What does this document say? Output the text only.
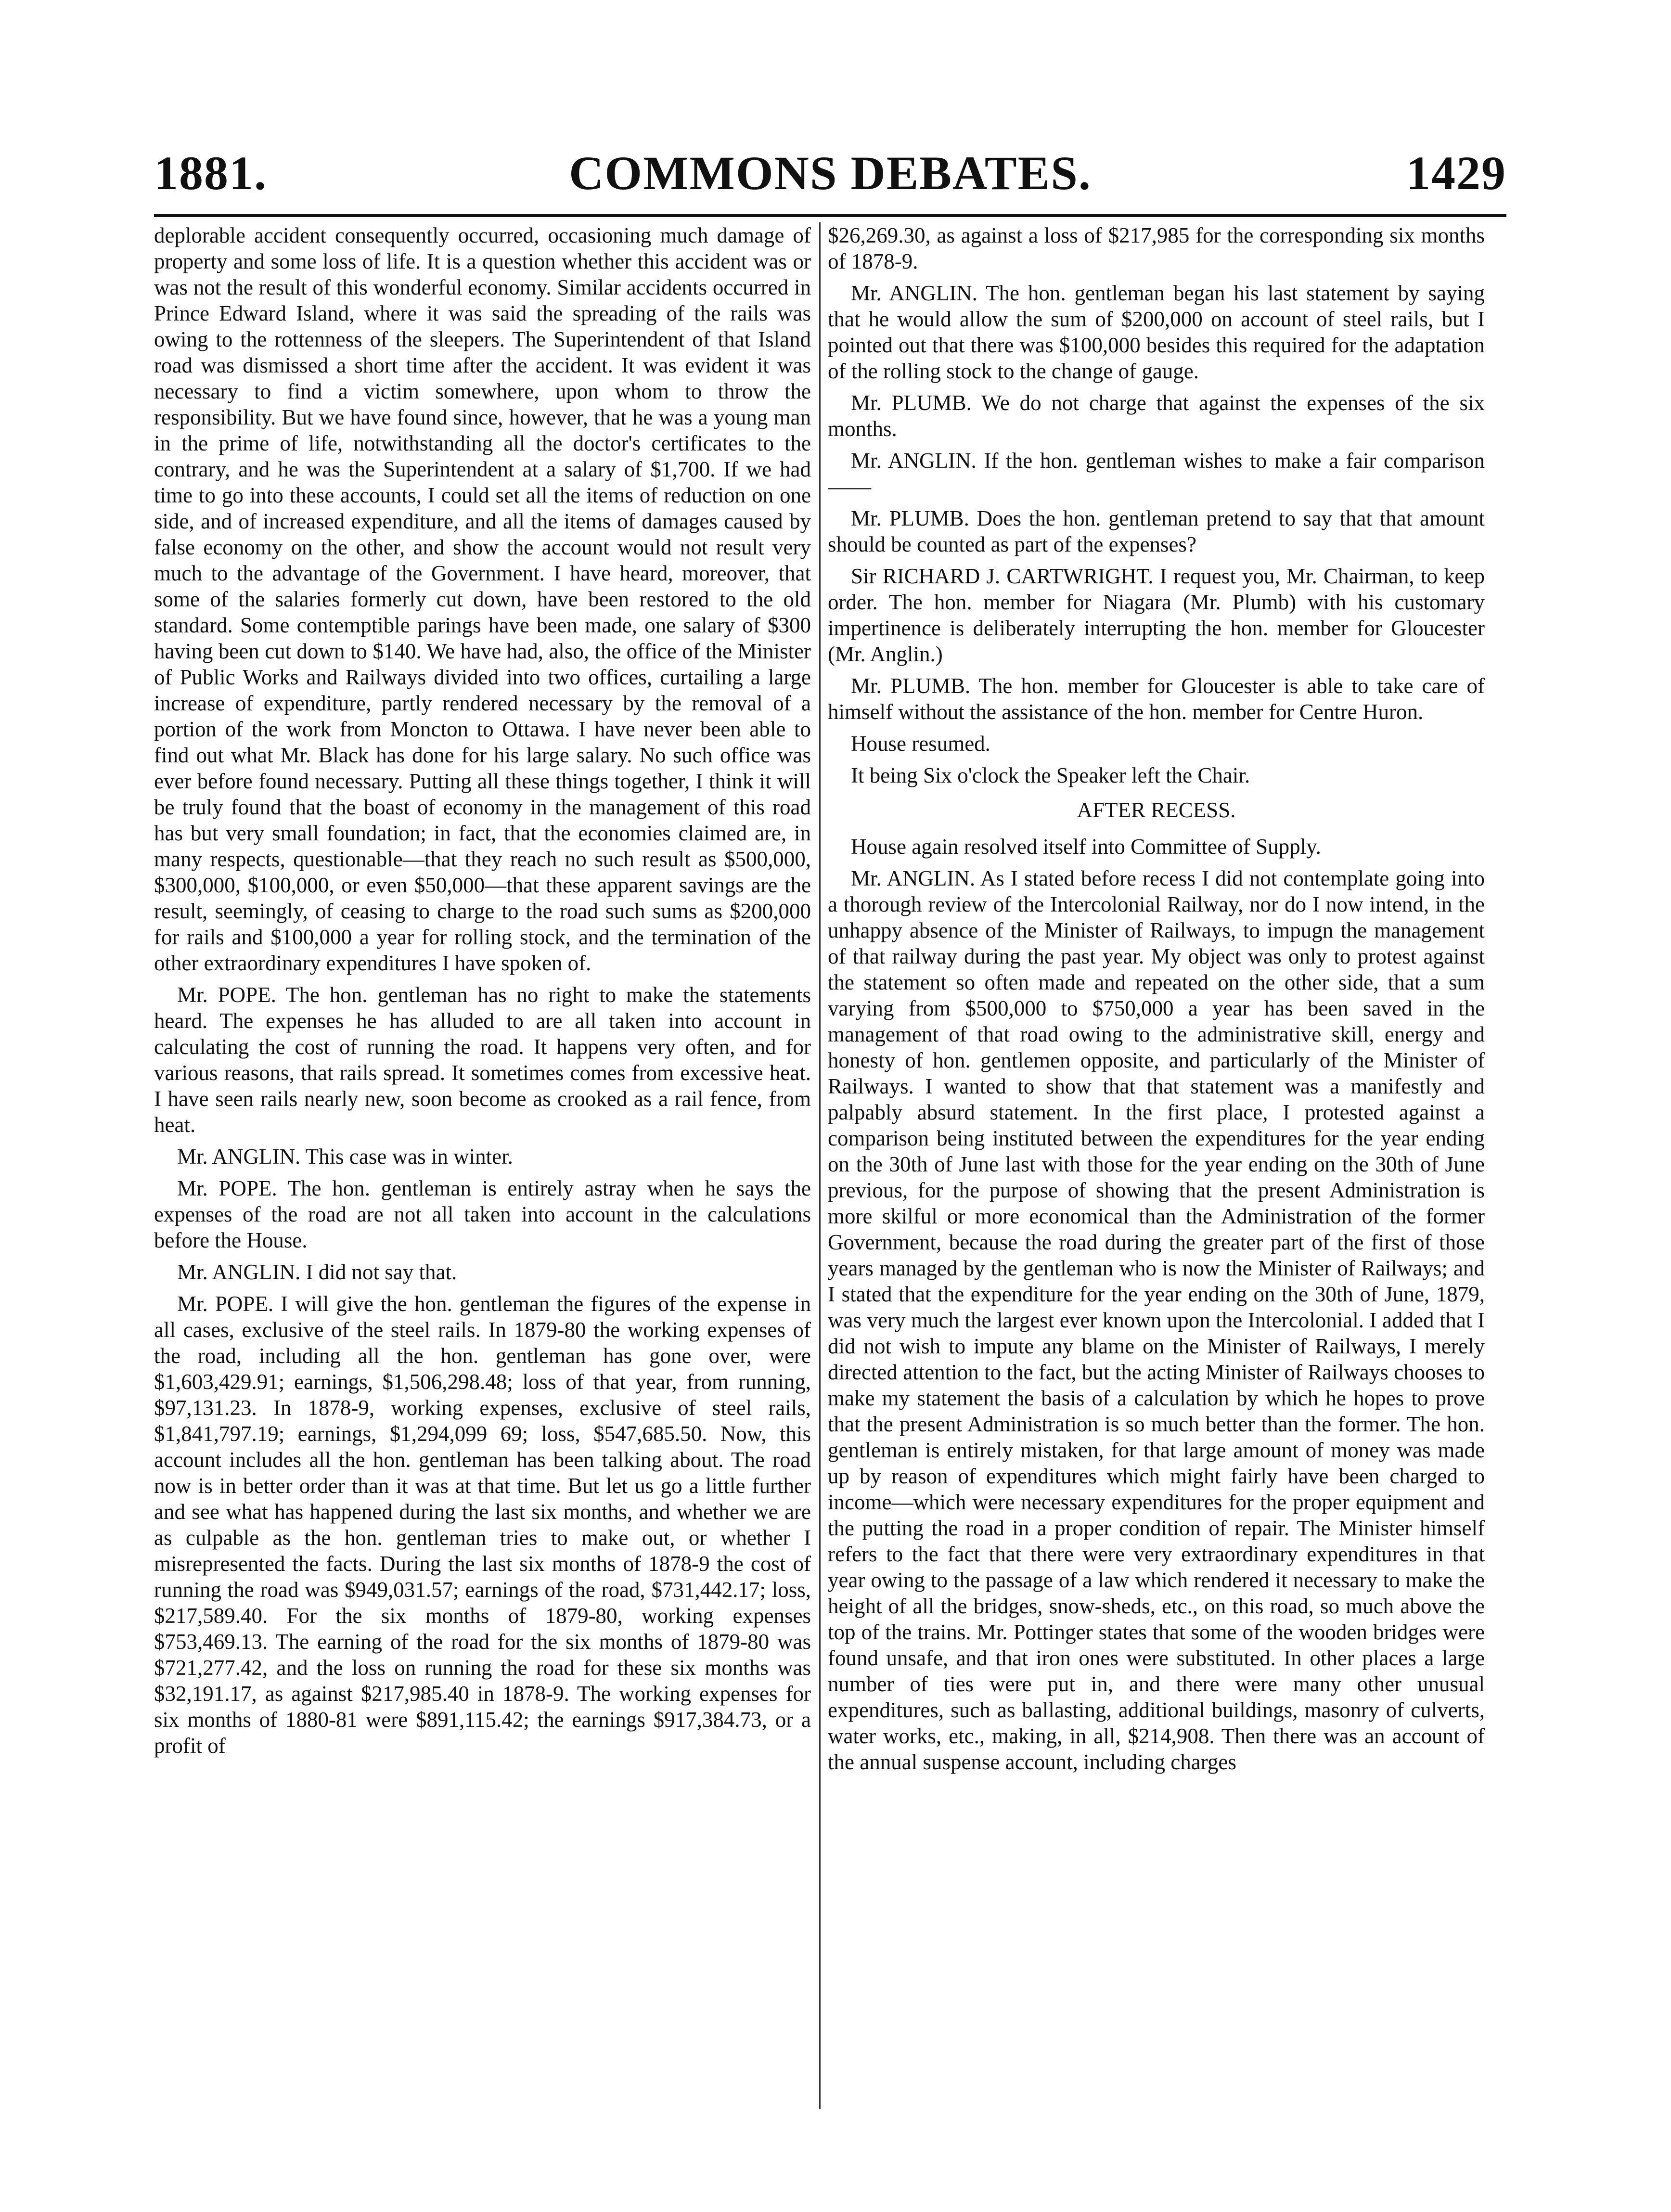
1881.	COMMONS DEBATES.	1429

deplorable accident consequently occurred, occasioning much damage of property and some loss of life. It is a question whether this accident was or was not the result of this wonderful economy. Similar accidents occurred in Prince Edward Island, where it was said the spreading of the rails was owing to the rottenness of the sleepers. The Superintendent of that Island road was dismissed a short time after the accident. It was evident it was necessary to find a victim somewhere, upon whom to throw the responsibility. But we have found since, however, that he was a young man in the prime of life, notwithstanding all the doctor's certificates to the contrary, and he was the Superintendent at a salary of $1,700. If we had time to go into these accounts, I could set all the items of reduction on one side, and of increased expenditure, and all the items of damages caused by false economy on the other, and show the account would not result very much to the advantage of the Government. I have heard, moreover, that some of the salaries formerly cut down, have been restored to the old standard. Some contemptible parings have been made, one salary of $300 having been cut down to $140. We have had, also, the office of the Minister of Public Works and Railways divided into two offices, curtailing a large increase of expenditure, partly rendered necessary by the removal of a portion of the work from Moncton to Ottawa. I have never been able to find out what Mr. Black has done for his large salary. No such office was ever before found necessary. Putting all these things together, I think it will be truly found that the boast of economy in the management of this road has but very small foundation; in fact, that the economies claimed are, in many respects, questionable—that they reach no such result as $500,000, $300,000, $100,000, or even $50,000—that these apparent savings are the result, seemingly, of ceasing to charge to the road such sums as $200,000 for rails and $100,000 a year for rolling stock, and the termination of the other extraordinary expenditures I have spoken of.

Mr. POPE. The hon. gentleman has no right to make the statements heard. The expenses he has alluded to are all taken into account in calculating the cost of running the road. It happens very often, and for various reasons, that rails spread. It sometimes comes from excessive heat. I have seen rails nearly new, soon become as crooked as a rail fence, from heat.

Mr. ANGLIN. This case was in winter.

Mr. POPE. The hon. gentleman is entirely astray when he says the expenses of the road are not all taken into account in the calculations before the House.

Mr. ANGLIN. I did not say that.

Mr. POPE. I will give the hon. gentleman the figures of the expense in all cases, exclusive of the steel rails. In 1879-80 the working expenses of the road, including all the hon. gentleman has gone over, were $1,603,429.91; earnings, $1,506,298.48; loss of that year, from running, $97,131.23. In 1878-9, working expenses, exclusive of steel rails, $1,841,797.19; earnings, $1,294,099 69; loss, $547,685.50. Now, this account includes all the hon. gentleman has been talking about. The road now is in better order than it was at that time. But let us go a little further and see what has happened during the last six months, and whether we are as culpable as the hon. gentleman tries to make out, or whether I misrepresented the facts. During the last six months of 1878-9 the cost of running the road was $949,031.57; earnings of the road, $731,442.17; loss, $217,589.40. For the six months of 1879-80, working expenses $753,469.13. The earning of the road for the six months of 1879-80 was $721,277.42, and the loss on running the road for these six months was $32,191.17, as against $217,985.40 in 1878-9. The working expenses for six months of 1880-81 were $891,115.42; the earnings $917,384.73, or a profit of

$26,269.30, as against a loss of $217,985 for the corresponding six months of 1878-9.

Mr. ANGLIN. The hon. gentleman began his last statement by saying that he would allow the sum of $200,000 on account of steel rails, but I pointed out that there was $100,000 besides this required for the adaptation of the rolling stock to the change of gauge.

Mr. PLUMB. We do not charge that against the expenses of the six months.

Mr. ANGLIN. If the hon. gentleman wishes to make a fair comparison——

Mr. PLUMB. Does the hon. gentleman pretend to say that that amount should be counted as part of the expenses?

Sir RICHARD J. CARTWRIGHT. I request you, Mr. Chairman, to keep order. The hon. member for Niagara (Mr. Plumb) with his customary impertinence is deliberately interrupting the hon. member for Gloucester (Mr. Anglin.)

Mr. PLUMB. The hon. member for Gloucester is able to take care of himself without the assistance of the hon. member for Centre Huron.

House resumed.

It being Six o'clock the Speaker left the Chair.

AFTER RECESS.

House again resolved itself into Committee of Supply.

Mr. ANGLIN. As I stated before recess I did not contemplate going into a thorough review of the Intercolonial Railway, nor do I now intend, in the unhappy absence of the Minister of Railways, to impugn the management of that railway during the past year. My object was only to protest against the statement so often made and repeated on the other side, that a sum varying from $500,000 to $750,000 a year has been saved in the management of that road owing to the administrative skill, energy and honesty of hon. gentlemen opposite, and particularly of the Minister of Railways. I wanted to show that that statement was a manifestly and palpably absurd statement. In the first place, I protested against a comparison being instituted between the expenditures for the year ending on the 30th of June last with those for the year ending on the 30th of June previous, for the purpose of showing that the present Administration is more skilful or more economical than the Administration of the former Government, because the road during the greater part of the first of those years managed by the gentleman who is now the Minister of Railways; and I stated that the expenditure for the year ending on the 30th of June, 1879, was very much the largest ever known upon the Intercolonial. I added that I did not wish to impute any blame on the Minister of Railways, I merely directed attention to the fact, but the acting Minister of Railways chooses to make my statement the basis of a calculation by which he hopes to prove that the present Administration is so much better than the former. The hon. gentleman is entirely mistaken, for that large amount of money was made up by reason of expenditures which might fairly have been charged to income—which were necessary expenditures for the proper equipment and the putting the road in a proper condition of repair. The Minister himself refers to the fact that there were very extraordinary expenditures in that year owing to the passage of a law which rendered it necessary to make the height of all the bridges, snow-sheds, etc., on this road, so much above the top of the trains. Mr. Pottinger states that some of the wooden bridges were found unsafe, and that iron ones were substituted. In other places a large number of ties were put in, and there were many other unusual expenditures, such as ballasting, additional buildings, masonry of culverts, water works, etc., making, in all, $214,908. Then there was an account of the annual suspense account, including charges
